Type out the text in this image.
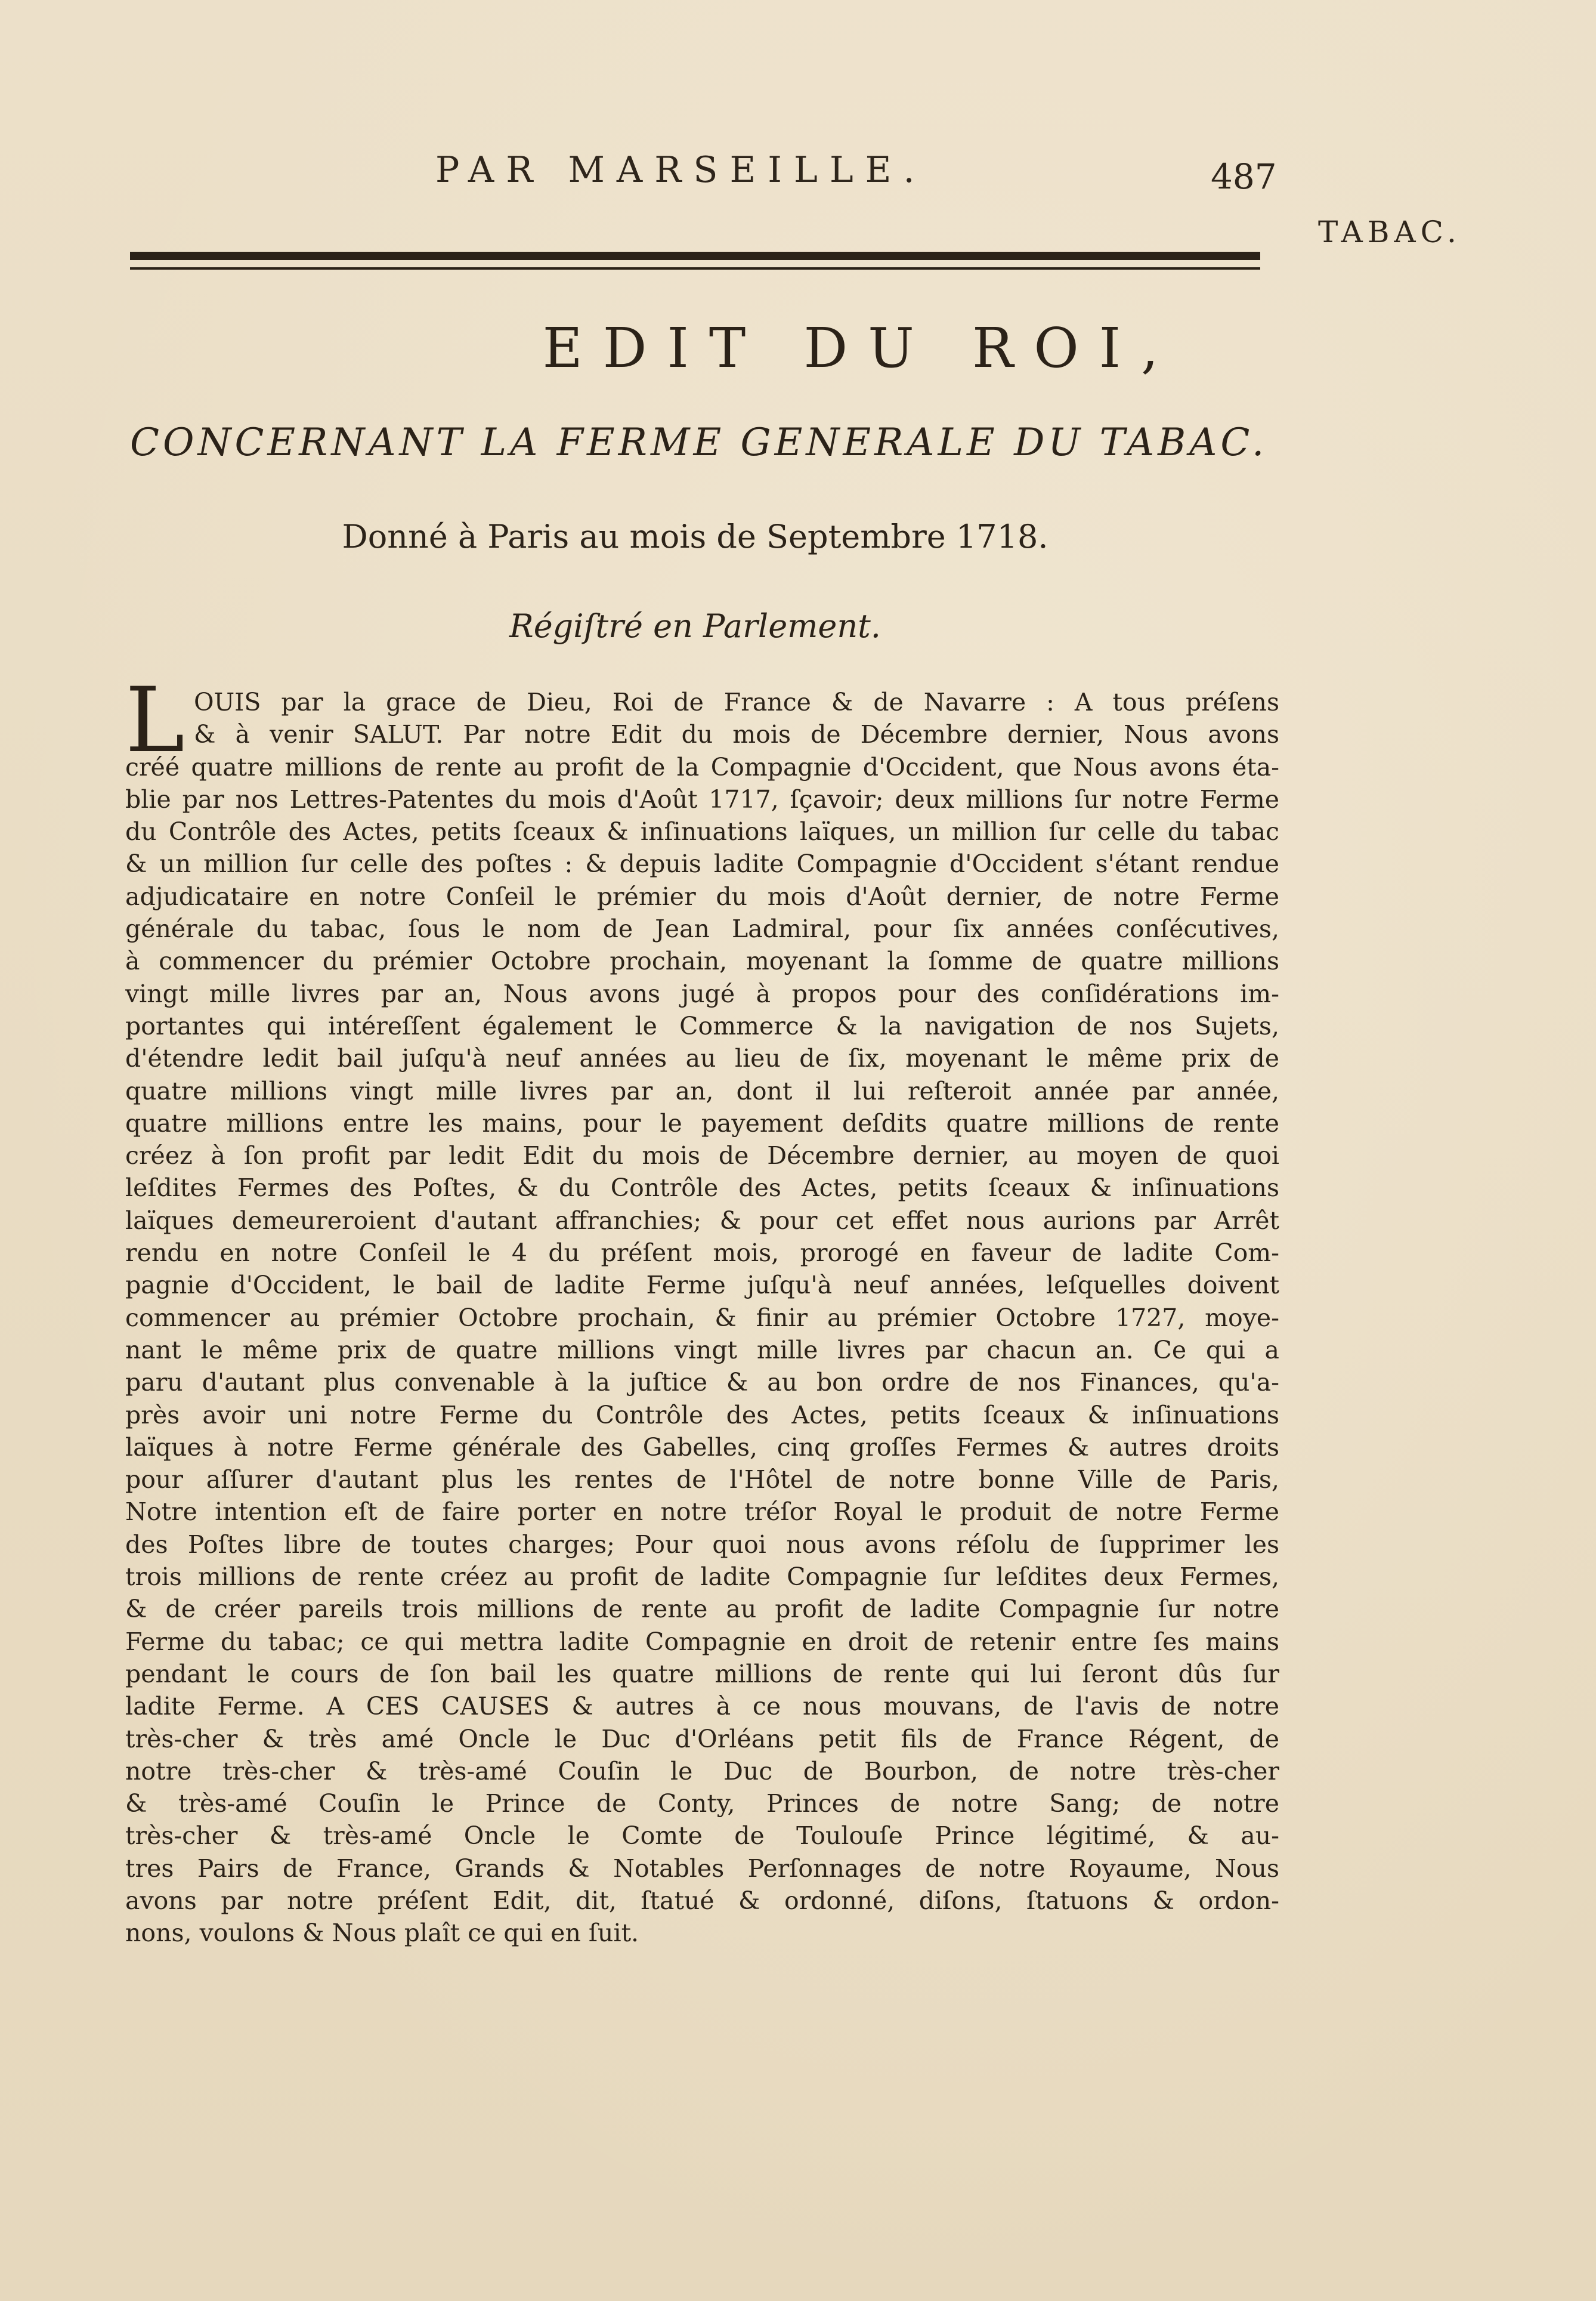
PAR MARSEILLE.	487
TABAC.
EDIT DU ROI,
CONCERNANT LA FERME GENERALE DU TABAC.
Donné à Paris au mois de Septembre 1718.
Régiſtré en Parlement.
L OUIS par la grace de Dieu, Roi de France & de Navarre : A tous préſens
& à venir SALUT. Par notre Edit du mois de Décembre dernier, Nous avons
créé quatre millions de rente au profit de la Compagnie d'Occident, que Nous avons éta-
blie par nos Lettres-Patentes du mois d'Août 1717, ſçavoir; deux millions ſur notre Ferme
du Contrôle des Actes, petits ſceaux & inſinuations laïques, un million ſur celle du tabac
& un million ſur celle des poſtes : & depuis ladite Compagnie d'Occident s'étant rendue
adjudicataire en notre Conſeil le prémier du mois d'Août dernier, de notre Ferme
générale du tabac, ſous le nom de Jean Ladmiral, pour ſix années conſécutives,
à commencer du prémier Octobre prochain, moyenant la ſomme de quatre millions
vingt mille livres par an, Nous avons jugé à propos pour des conſidérations im-
portantes qui intéreſſent également le Commerce & la navigation de nos Sujets,
d'étendre ledit bail juſqu'à neuf années au lieu de ſix, moyenant le même prix de
quatre millions vingt mille livres par an, dont il lui reſteroit année par année,
quatre millions entre les mains, pour le payement deſdits quatre millions de rente
créez à ſon profit par ledit Edit du mois de Décembre dernier, au moyen de quoi
leſdites Fermes des Poſtes, & du Contrôle des Actes, petits ſceaux & inſinuations
laïques demeureroient d'autant affranchies; & pour cet effet nous aurions par Arrêt
rendu en notre Conſeil le 4 du préſent mois, prorogé en faveur de ladite Com-
pagnie d'Occident, le bail de ladite Ferme juſqu'à neuf années, leſquelles doivent
commencer au prémier Octobre prochain, & finir au prémier Octobre 1727, moye-
nant le même prix de quatre millions vingt mille livres par chacun an. Ce qui a
paru d'autant plus convenable à la juſtice & au bon ordre de nos Finances, qu'a-
près avoir uni notre Ferme du Contrôle des Actes, petits ſceaux & inſinuations
laïques à notre Ferme générale des Gabelles, cinq groſſes Fermes & autres droits
pour aſſurer d'autant plus les rentes de l'Hôtel de notre bonne Ville de Paris,
Notre intention eſt de faire porter en notre tréſor Royal le produit de notre Ferme
des Poſtes libre de toutes charges; Pour quoi nous avons réſolu de ſupprimer les
trois millions de rente créez au profit de ladite Compagnie ſur leſdites deux Fermes,
& de créer pareils trois millions de rente au profit de ladite Compagnie ſur notre
Ferme du tabac; ce qui mettra ladite Compagnie en droit de retenir entre ſes mains
pendant le cours de ſon bail les quatre millions de rente qui lui ſeront dûs ſur
ladite Ferme. A CES CAUSES & autres à ce nous mouvans, de l'avis de notre
très-cher & très amé Oncle le Duc d'Orléans petit fils de France Régent, de
notre très-cher & très-amé Couſin le Duc de Bourbon, de notre très-cher
& très-amé Couſin le Prince de Conty, Princes de notre Sang; de notre
très-cher & très-amé Oncle le Comte de Toulouſe Prince légitimé, & au-
tres Pairs de France, Grands & Notables Perſonnages de notre Royaume, Nous
avons par notre préſent Edit, dit, ſtatué & ordonné, diſons, ſtatuons & ordon-
nons, voulons & Nous plaît ce qui en ſuit.
